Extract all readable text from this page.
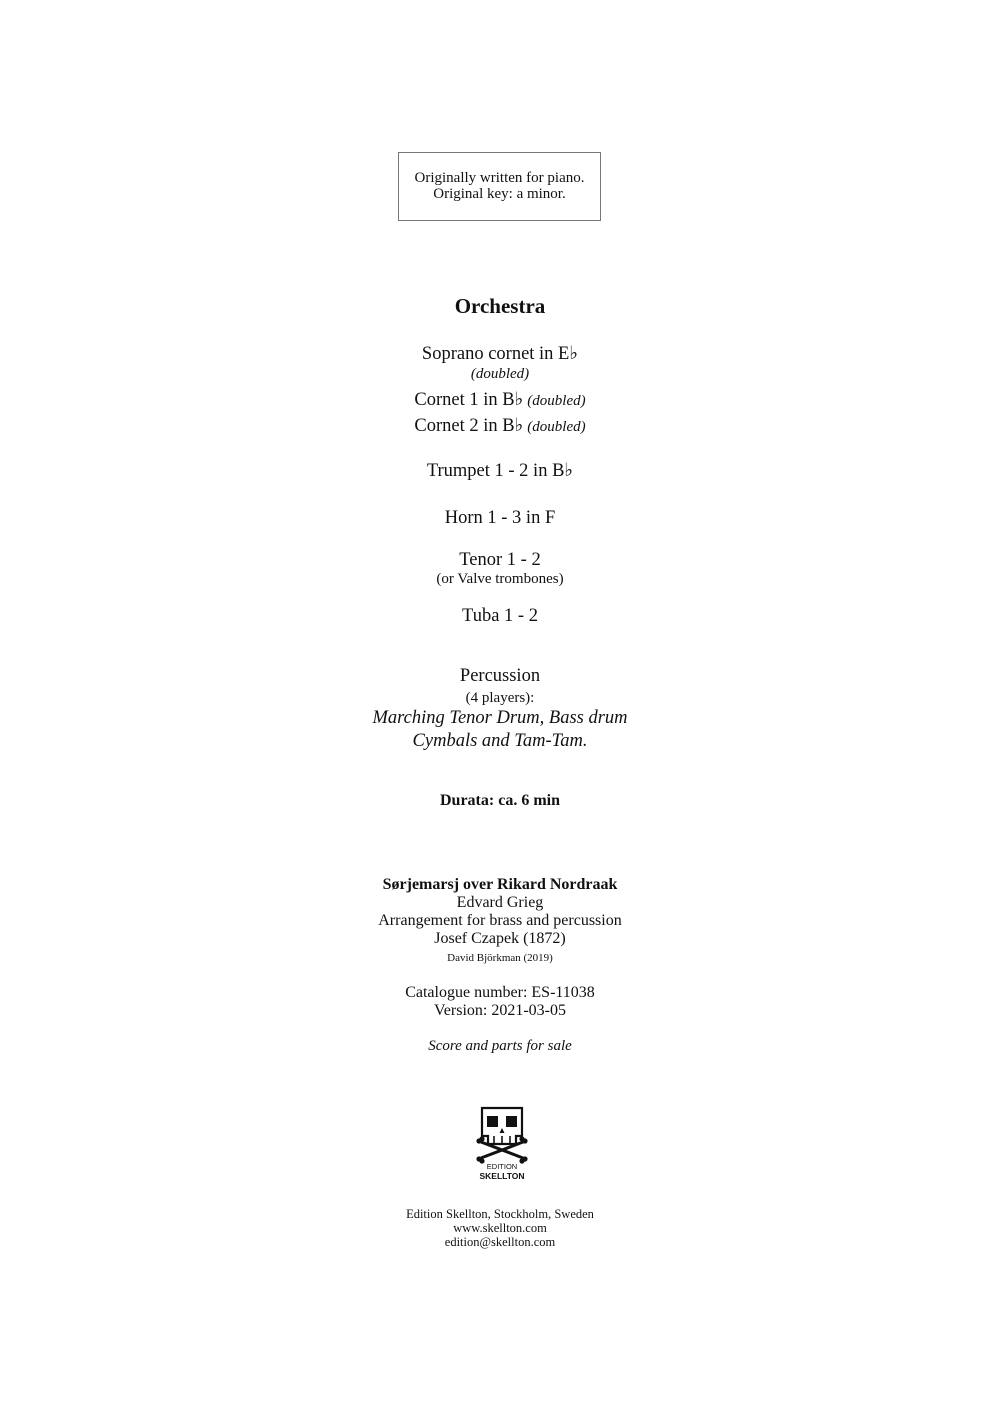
Originally written for piano.
Original key: a minor.
Orchestra
Soprano cornet in E♭
(doubled)
Cornet 1 in B♭ (doubled)
Cornet 2 in B♭ (doubled)
Trumpet 1 - 2 in B♭
Horn 1 - 3 in F
Tenor 1 - 2
(or Valve trombones)
Tuba 1 - 2
Percussion
(4 players):
Marching Tenor Drum, Bass drum
Cymbals and Tam-Tam.
Durata: ca. 6 min
Sørjemarsj over Rikard Nordraak
Edvard Grieg
Arrangement for brass and percussion
Josef Czapek (1872)
David Björkman (2019)
Catalogue number: ES-11038
Version: 2021-03-05
Score and parts for sale
EDITION
SKELLTON
Edition Skellton, Stockholm, Sweden
www.skellton.com
edition@skellton.com
